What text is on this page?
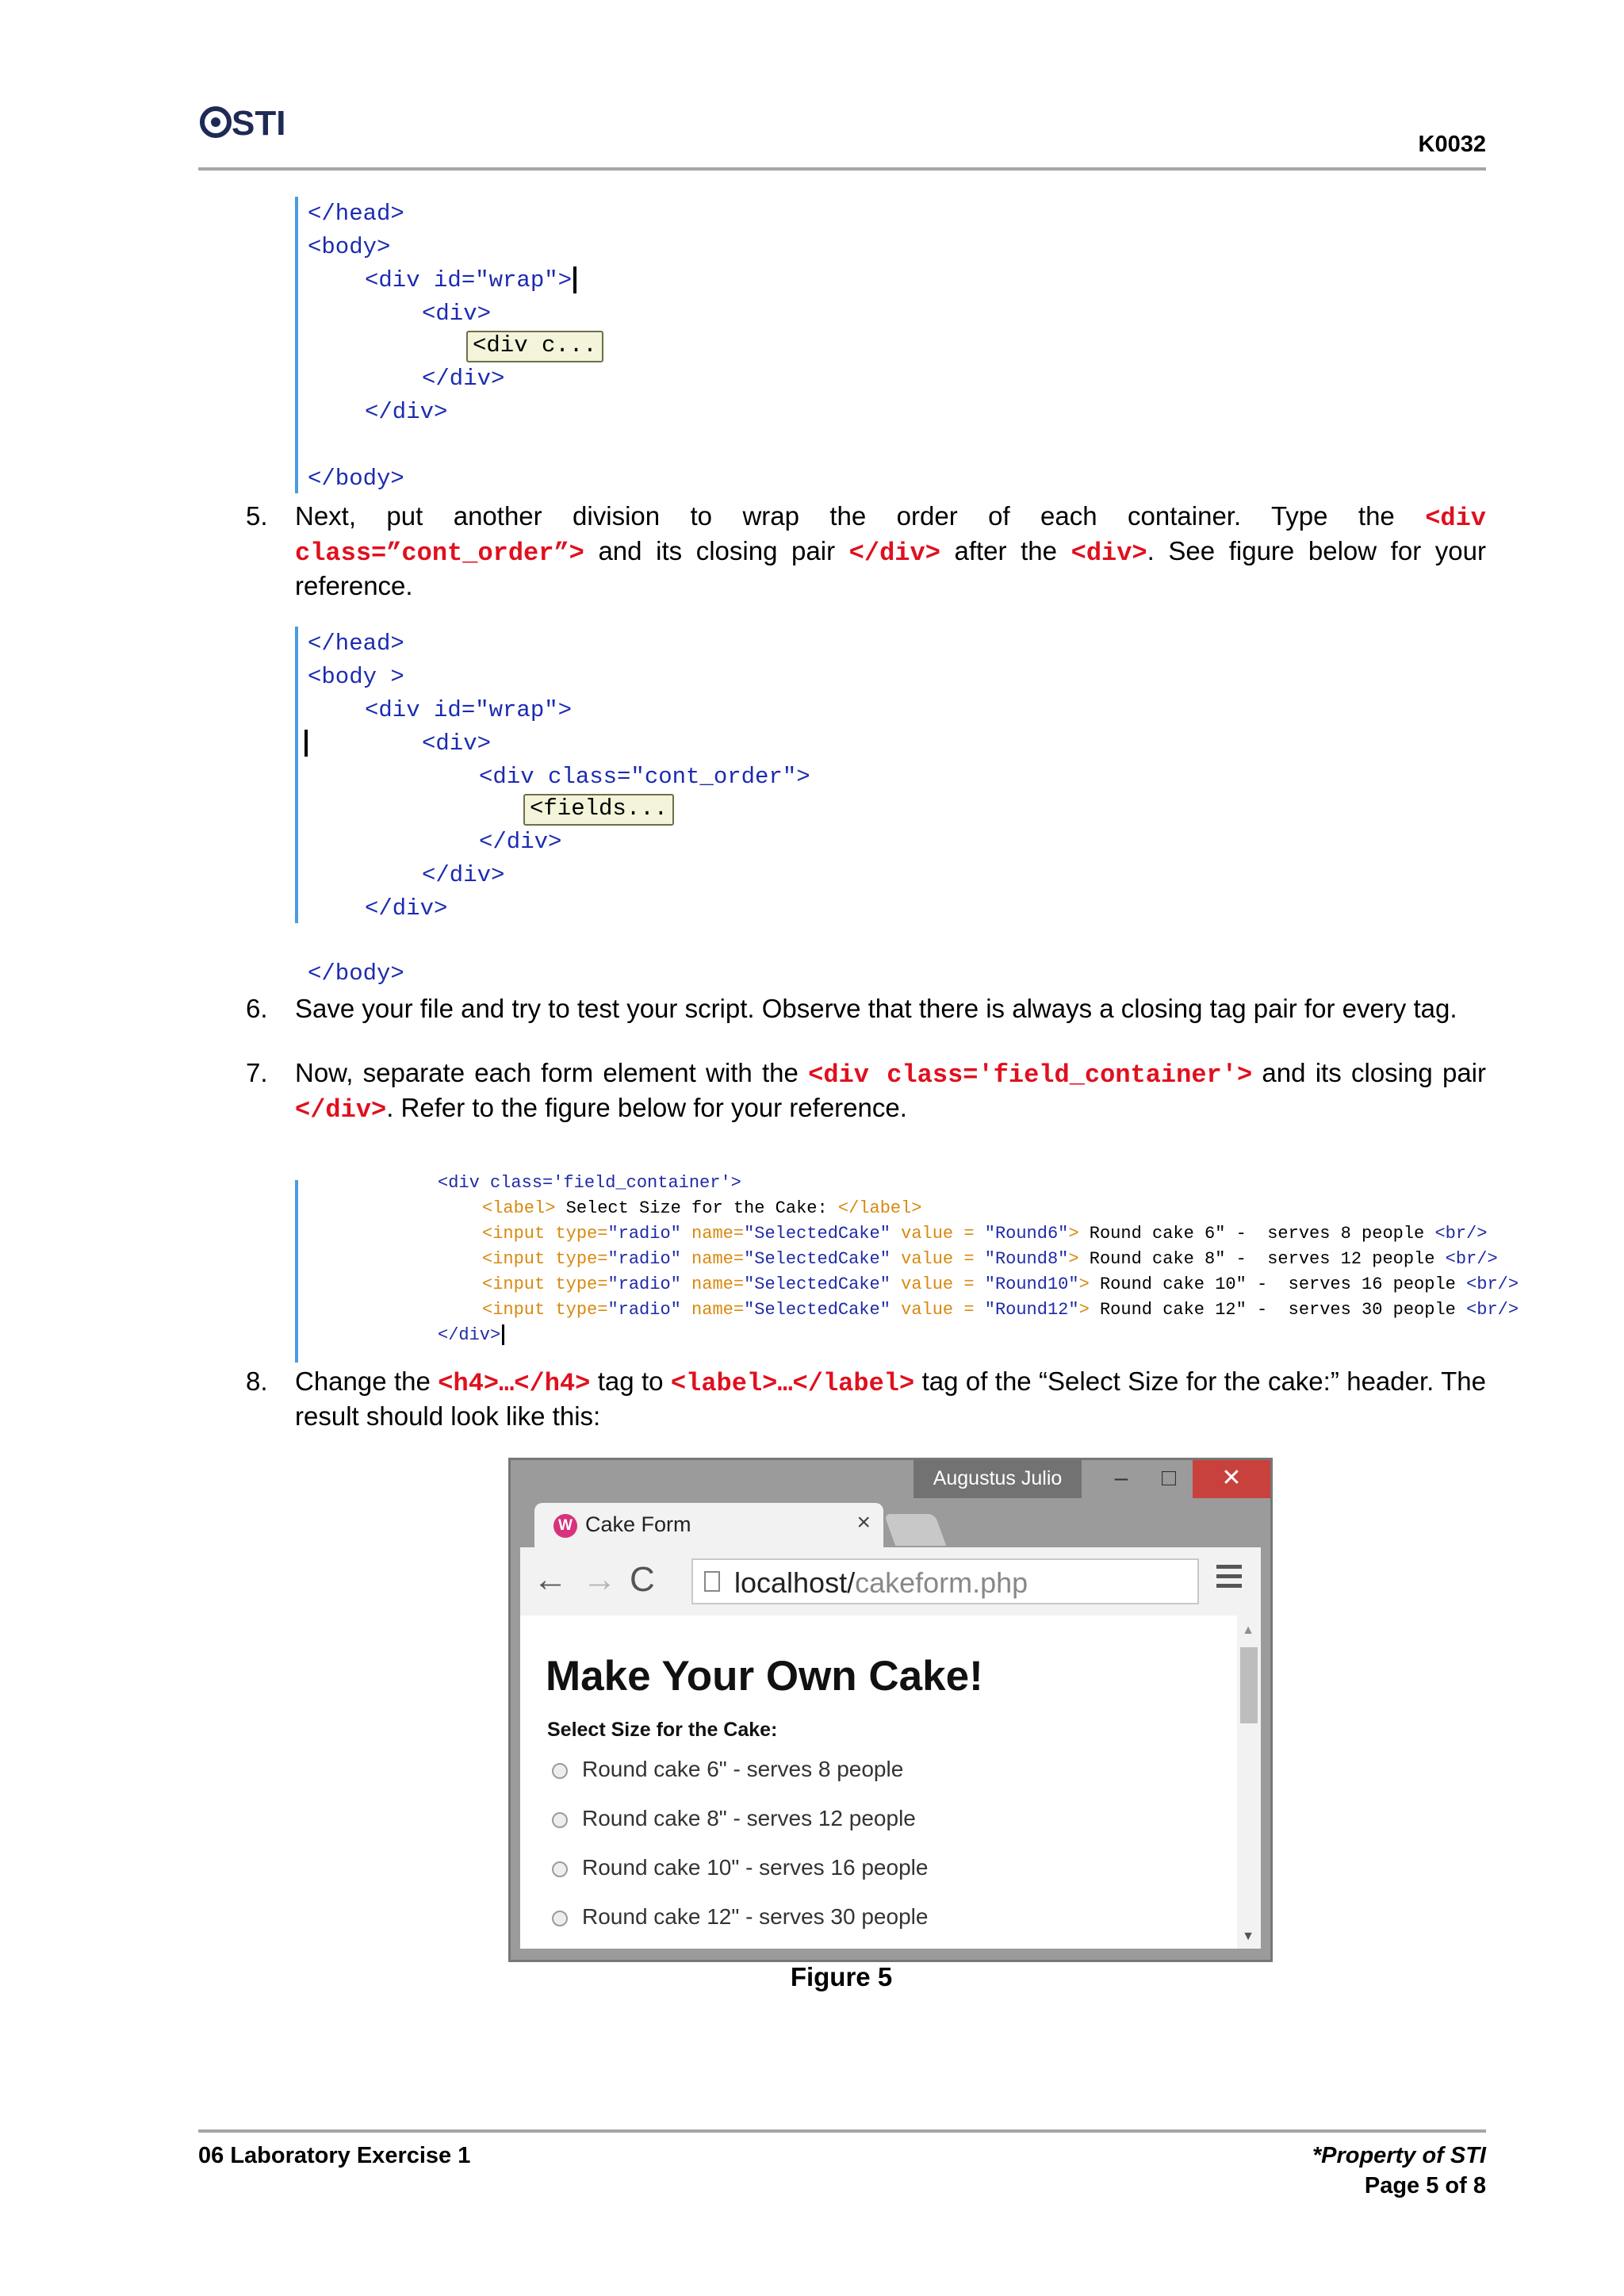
STI
K0032

</head>

<body>

<div id="wrap">

<div>

<div c...

</div>

</div>

</body>

5.	Next, put another division to wrap the order of each container. Type the <div class=”cont_order”> and its closing pair </div> after the <div>. See figure below for your reference.

</head>

<body >

<div id="wrap">

<div>

<div class="cont_order">

<fields...

</div>

</div>

</div>

</body>

6.	Save your file and try to test your script. Observe that there is always a closing tag pair for every tag.
7.	Now, separate each form element with the <div class='field_container'> and its closing pair </div>. Refer to the figure below for your reference.

<div class='field_container'>

<label> Select Size for the Cake: </label>

<input type="radio" name="SelectedCake" value = "Round6"> Round cake 6" -  serves 8 people <br/>

<input type="radio" name="SelectedCake" value = "Round8"> Round cake 8" -  serves 12 people <br/>

<input type="radio" name="SelectedCake" value = "Round10"> Round cake 10" -  serves 16 people <br/>

<input type="radio" name="SelectedCake" value = "Round12"> Round cake 12" -  serves 30 people <br/>

</div>

8.	Change the <h4>…</h4> tag to <label>…</label> tag of the “Select Size for the cake:” header. The result should look like this:
Augustus Julio	–	□	✕
W Cake Form	×
← → C	localhost/cakeform.php
Make Your Own Cake!
Select Size for the Cake:
Round cake 6" - serves 8 people
Round cake 8" - serves 12 people
Round cake 10" - serves 16 people
Round cake 12" - serves 30 people
▲
▼
Figure 5
06 Laboratory Exercise 1	*Property of STI
Page 5 of 8
